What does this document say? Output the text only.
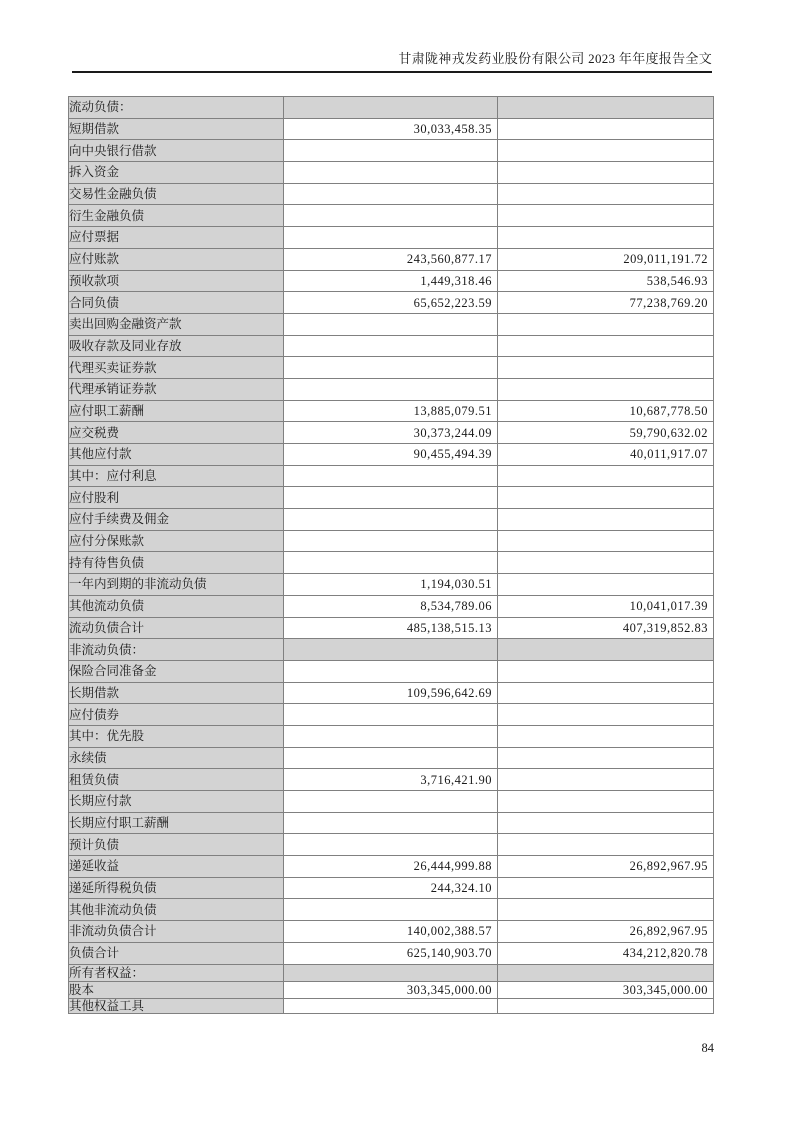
甘肃陇神戎发药业股份有限公司 2023 年年度报告全文
流动负债：		
短期借款	30,033,458.35	
向中央银行借款		
拆入资金		
交易性金融负债		
衍生金融负债		
应付票据		
应付账款	243,560,877.17	209,011,191.72
预收款项	1,449,318.46	538,546.93
合同负债	65,652,223.59	77,238,769.20
卖出回购金融资产款		
吸收存款及同业存放		
代理买卖证券款		
代理承销证券款		
应付职工薪酬	13,885,079.51	10,687,778.50
应交税费	30,373,244.09	59,790,632.02
其他应付款	90,455,494.39	40,011,917.07
其中：应付利息		
应付股利		
应付手续费及佣金		
应付分保账款		
持有待售负债		
一年内到期的非流动负债	1,194,030.51	
其他流动负债	8,534,789.06	10,041,017.39
流动负债合计	485,138,515.13	407,319,852.83
非流动负债：		
保险合同准备金		
长期借款	109,596,642.69	
应付债券		
其中：优先股		
永续债		
租赁负债	3,716,421.90	
长期应付款		
长期应付职工薪酬		
预计负债		
递延收益	26,444,999.88	26,892,967.95
递延所得税负债	244,324.10	
其他非流动负债		
非流动负债合计	140,002,388.57	26,892,967.95
负债合计	625,140,903.70	434,212,820.78
所有者权益：		
股本	303,345,000.00	303,345,000.00
其他权益工具		
84
